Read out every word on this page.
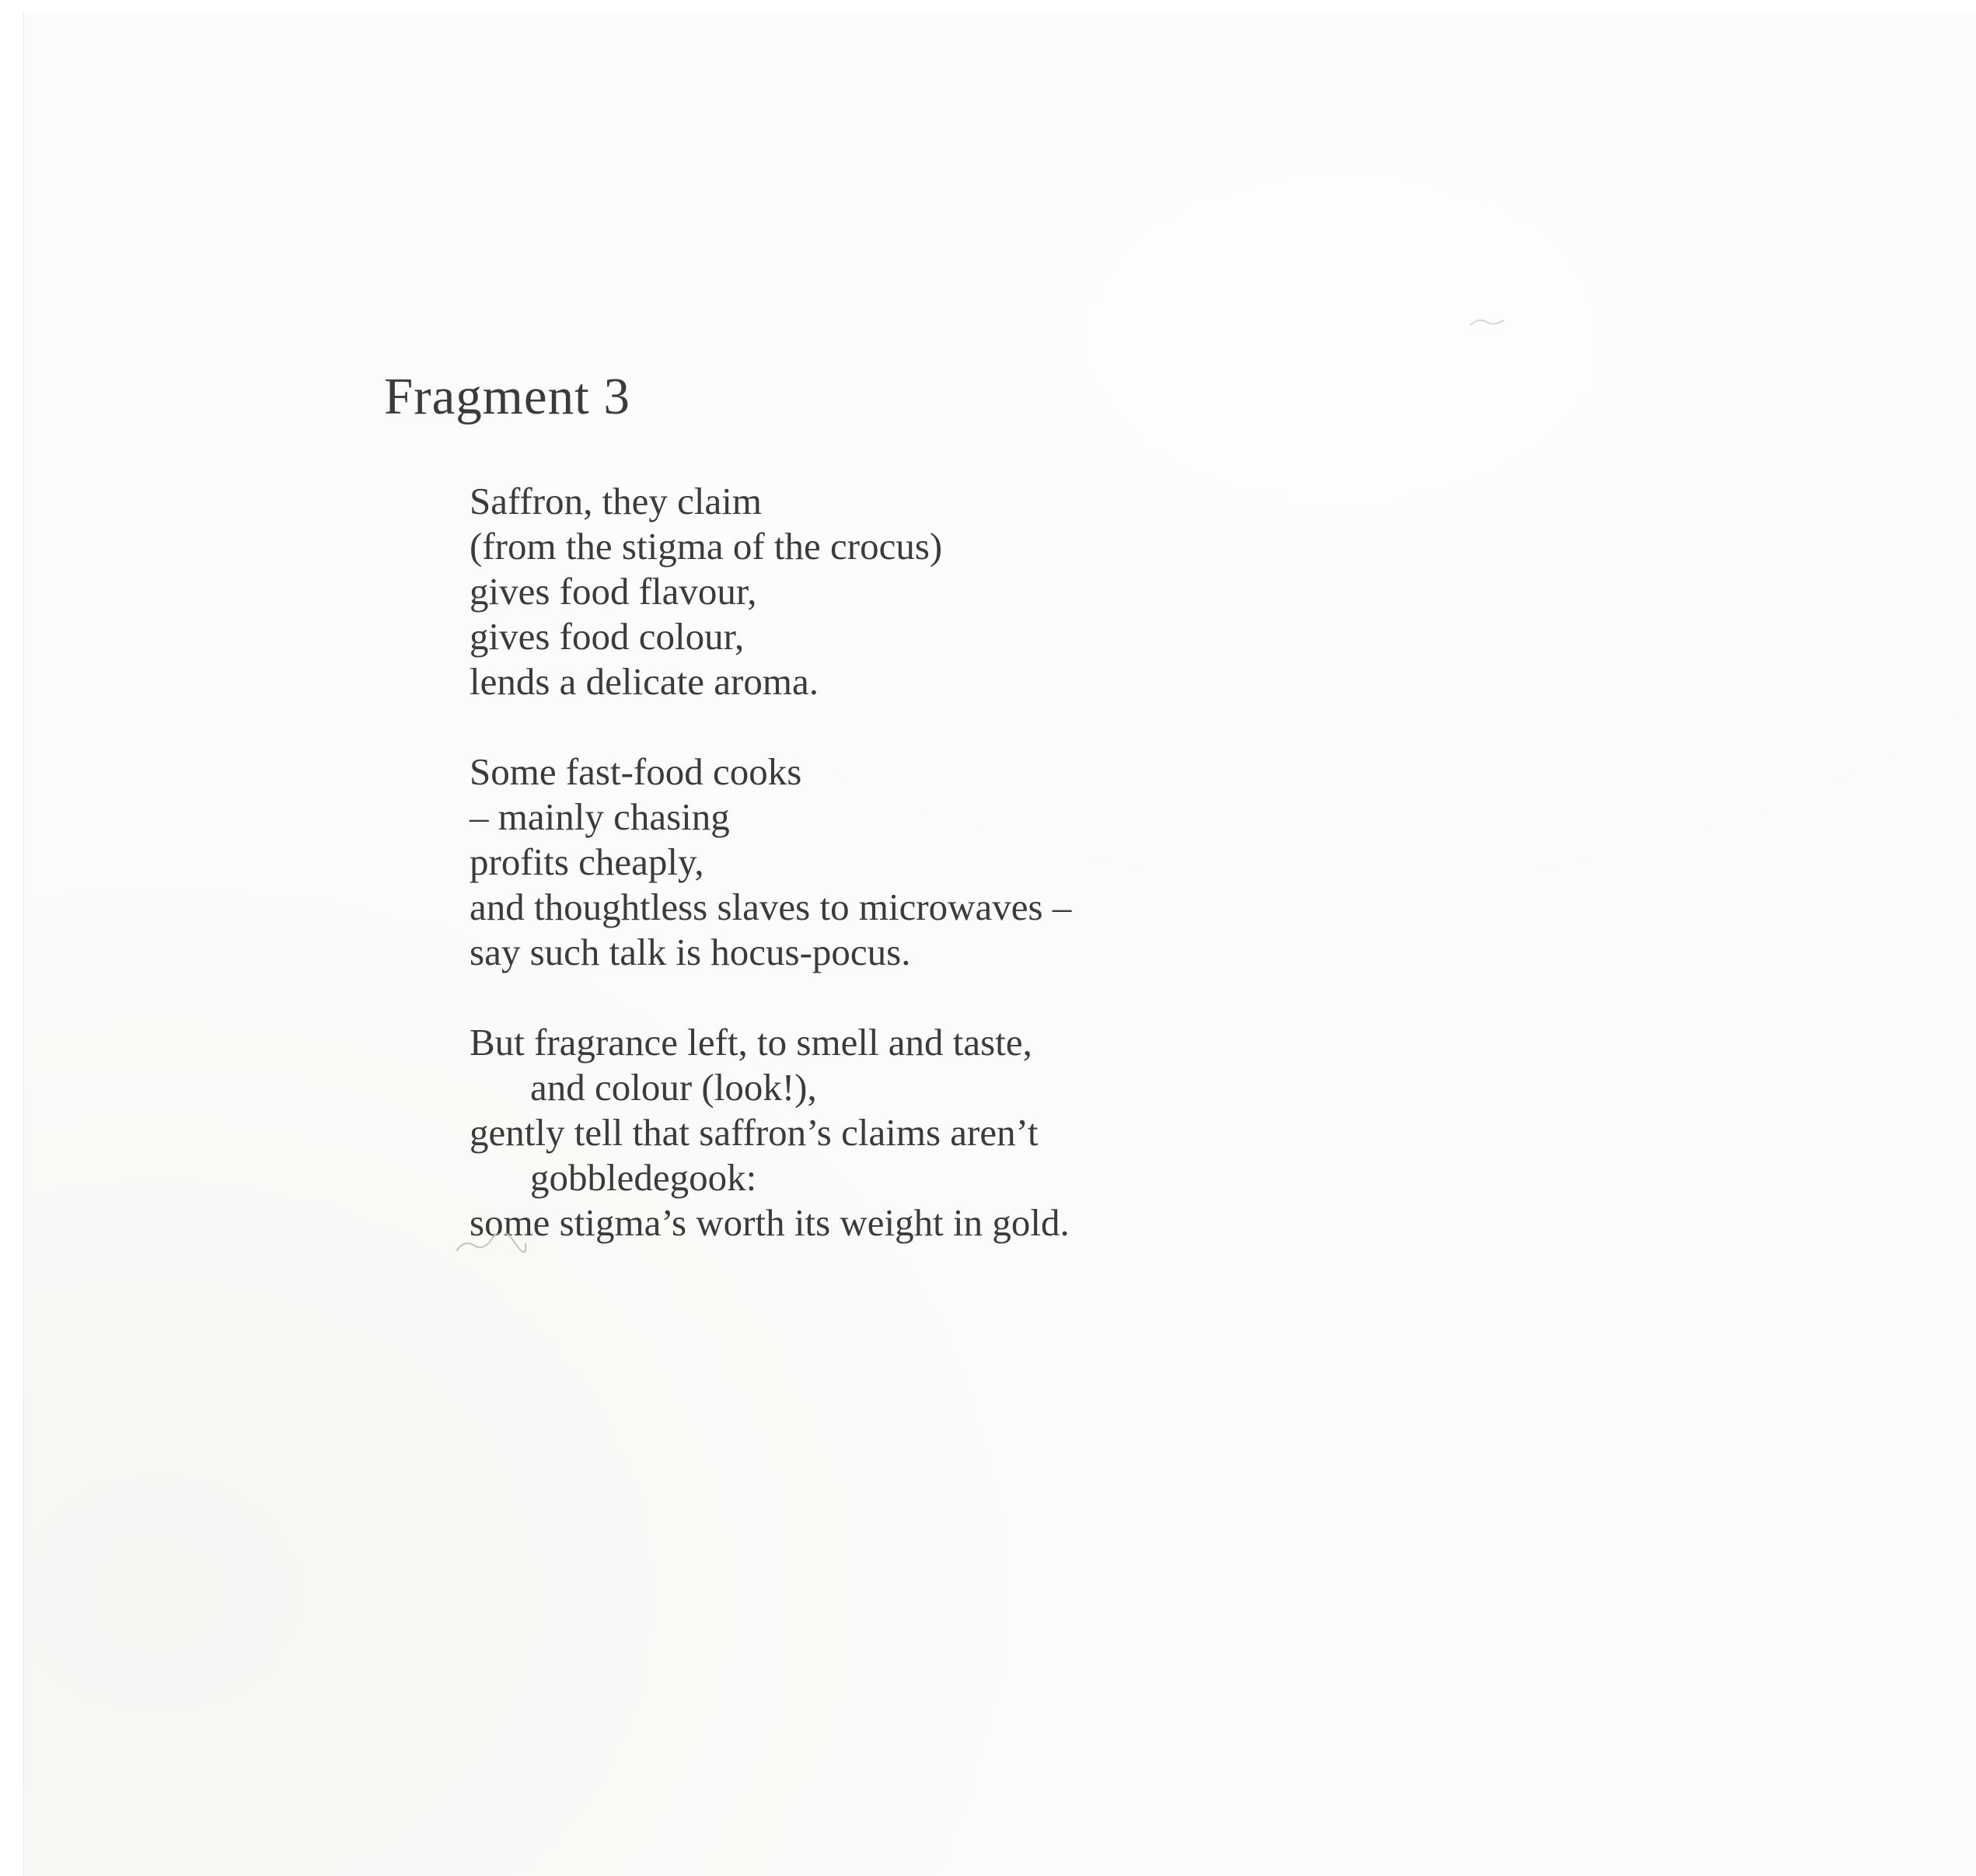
Fragment 3
Saffron, they claim
(from the stigma of the crocus)
gives food flavour,
gives food colour,
lends a delicate aroma.
Some fast-food cooks
– mainly chasing
profits cheaply,
and thoughtless slaves to microwaves –
say such talk is hocus-pocus.
But fragrance left, to smell and taste,
and colour (look!),
gently tell that saffron’s claims aren’t
gobbledegook:
some stigma’s worth its weight in gold.
